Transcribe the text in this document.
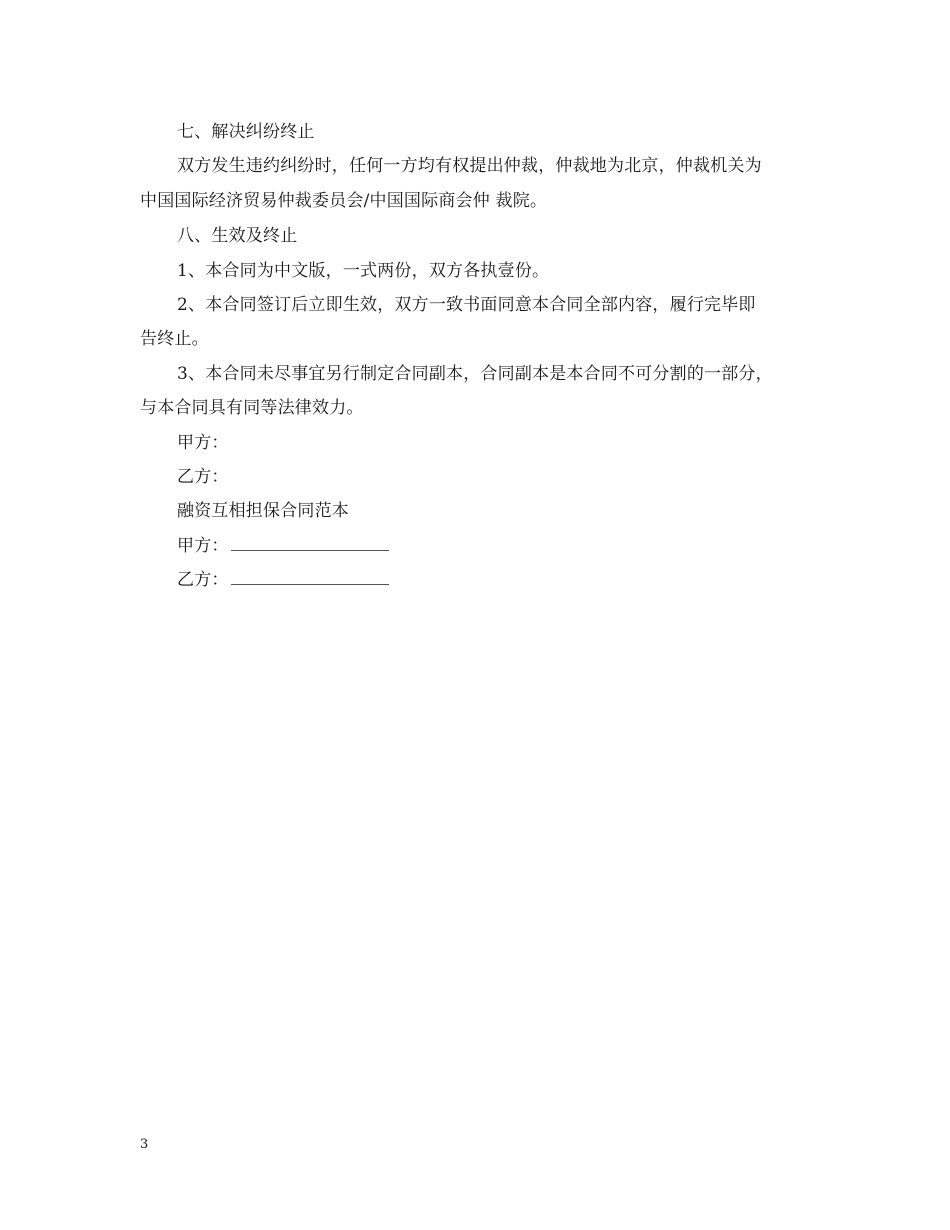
七、解决纠纷终止
双方发生违约纠纷时，任何一方均有权提出仲裁，仲裁地为北京，仲裁机关为
中国国际经济贸易仲裁委员会/中国国际商会仲 裁院。
八、生效及终止
1、本合同为中文版，一式两份，双方各执壹份。
2、本合同签订后立即生效，双方一致书面同意本合同全部内容，履行完毕即
告终止。
3、本合同未尽事宜另行制定合同副本，合同副本是本合同不可分割的一部分，
与本合同具有同等法律效力。
甲方：
乙方：
融资互相担保合同范本
甲方：
乙方：
3
